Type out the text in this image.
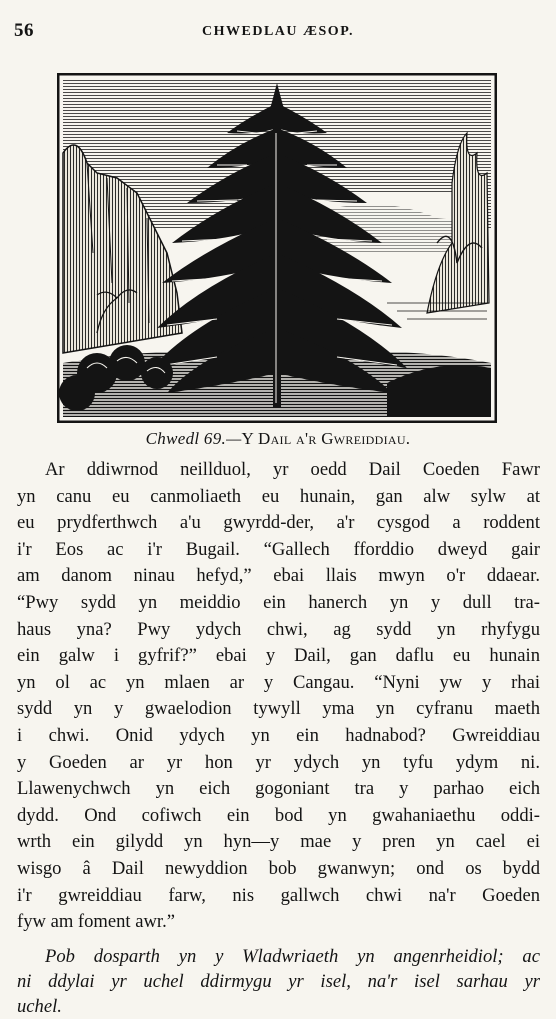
56	CHWEDLAU ÆSOP.
Chwedl 69.—Y Dail a'r Gwreiddiau.
Ar ddiwrnod neillduol, yr oedd Dail Coeden Fawr
yn canu eu canmoliaeth eu hunain, gan alw sylw at
eu prydferthwch a'u gwyrdd-der, a'r cysgod a roddent
i'r Eos ac i'r Bugail. “Gallech fforddio dweyd gair
am danom ninau hefyd,” ebai llais mwyn o'r ddaear.
“Pwy sydd yn meiddio ein hanerch yn y dull tra-
haus yna? Pwy ydych chwi, ag sydd yn rhyfygu
ein galw i gyfrif?” ebai y Dail, gan daflu eu hunain
yn ol ac yn mlaen ar y Cangau. “Nyni yw y rhai
sydd yn y gwaelodion tywyll yma yn cyfranu maeth
i chwi. Onid ydych yn ein hadnabod? Gwreiddiau
y Goeden ar yr hon yr ydych yn tyfu ydym ni.
Llawenychwch yn eich gogoniant tra y parhao eich
dydd. Ond cofiwch ein bod yn gwahaniaethu oddi-
wrth ein gilydd yn hyn—y mae y pren yn cael ei
wisgo â Dail newyddion bob gwanwyn; ond os bydd
i'r gwreiddiau farw, nis gallwch chwi na'r Goeden
fyw am foment awr.”
Pob dosparth yn y Wladwriaeth yn angenrheidiol; ac
ni ddylai yr uchel ddirmygu yr isel, na'r isel sarhau yr
uchel.
